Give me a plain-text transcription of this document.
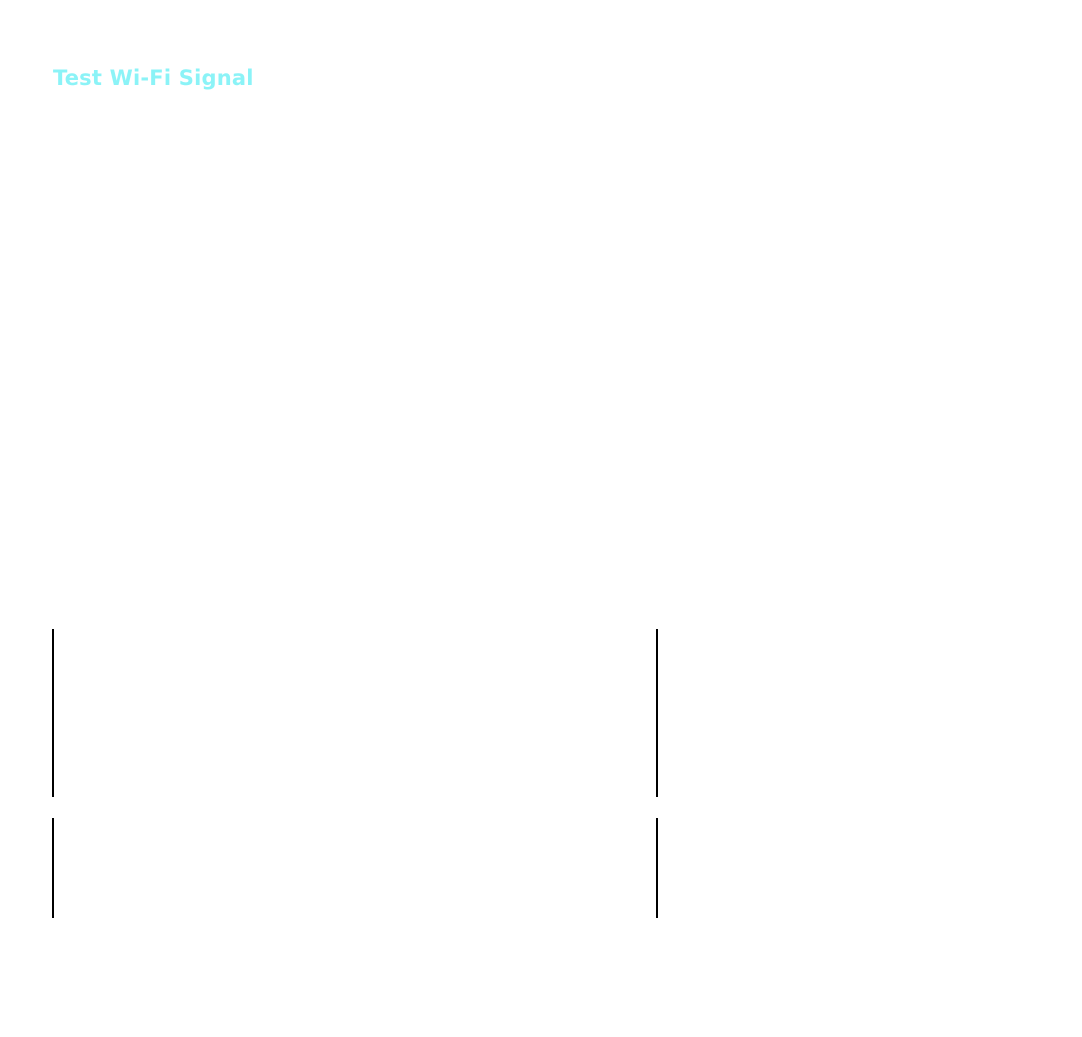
Test Wi-Fi Signal
